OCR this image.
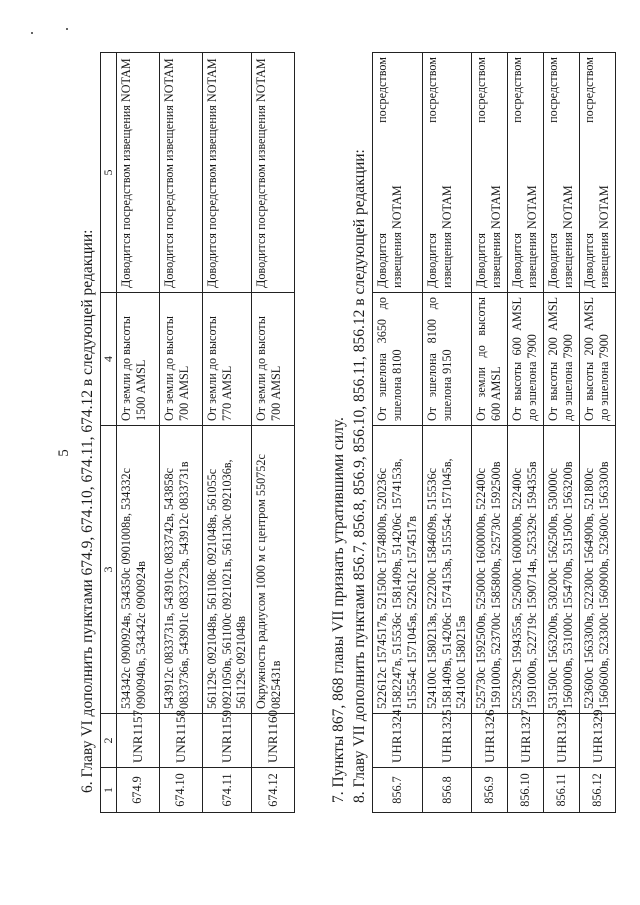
5 6. Главу VI дополнить пунктами 674.9, 674.10, 674.11, 674.12 в следующей редакции: 1	2	3	4	5
674.9	UNR1157	534342с 0900924в, 534350с 0901008в, 534332с 0900940в, 534342с 0900924в	От земли до высоты 1500 AMSL	Доводится посредством извещения NOTAM
674.10	UNR1158	543912с 0833731в, 543910с 0833742в, 543858с 0833736в, 543901с 0833723в, 543912с 0833731в	От земли до высоты 700 AMSL	Доводится посредством извещения NOTAM
674.11	UNR1159	561129с 0921048в, 561108с 0921048в, 561055с 0921050в, 561100с 0921021в, 561130с 0921036в, 561129с 0921048в	От земли до высоты 770 AMSL	Доводится посредством извещения NOTAM
674.12	UNR1160	Окружность радиусом 1000 м с центром 550752с 0825431в	От земли до высоты 700 AMSL	Доводится посредством извещения NOTAM
7. Пункты 867, 868 главы VII признать утратившими силу. 8. Главу VII дополнить пунктами 856.7, 856.8, 856.9, 856.10, 856.11, 856.12 в следующей редакции: 856.7	UHR1324	522612с 1574517в, 521500с 1574800в, 520236с 1582247в, 515536с 1581409в, 514206с 1574153в, 515554с 1571045в, 522612с 1574517в	От эшелона 3650 до эшелона 8100	Доводится посредством извещения NOTAM

856.8	UHR1325	524100с 1580213в, 522200с 1584609в, 515536с 1581409в, 514206с 1574153в, 515554с 1571045в, 524100с 1580215в	От эшелона 8100 до эшелона 9150	Доводится посредством извещения NOTAM

856.9	UHR1326	525730с 1592500в, 525000с 1600000в, 522400с 1591000в, 523700с 1585800в, 525730с 1592500в	От земли до высоты 600 AMSL	Доводится посредством извещения NOTAM

856.10	UHR1327	525329с 1594355в, 525000с 1600000в, 522400с 1591000в, 522719с 1590714в, 525329с 1594355в	От высоты 600 AMSL до эшелона 7900	Доводится посредством извещения NOTAM

856.11	UHR1328	531500с 1563200в, 530200с 1562500в, 530000с 1560000в, 531000с 1554700в, 531500с 1563200в	От высоты 200 AMSL до эшелона 7900	Доводится посредством извещения NOTAM

856.12	UHR1329	523600с 1563300в, 522300с 1564900в, 521800с 1560600в, 523300с 1560900в, 523600с 1563300в	От высоты 200 AMSL до эшелона 7900	Доводится посредством извещения NOTAM
